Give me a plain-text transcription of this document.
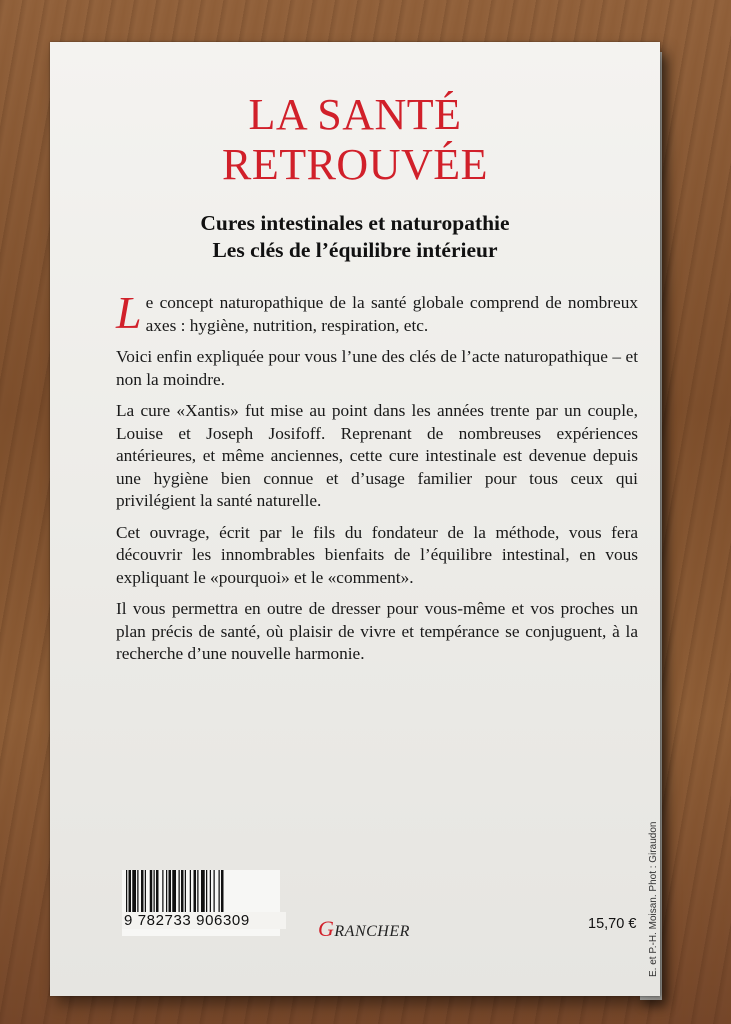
LA SANTÉ
RETROUVÉE
Cures intestinales et naturopathie
Les clés de l’équilibre intérieur

Le concept naturopathique de la santé globale comprend de nombreux axes : hygiène, nutrition, respiration, etc.

Voici enfin expliquée pour vous l’une des clés de l’acte naturopathique – et non la moindre.

La cure «Xantis» fut mise au point dans les années trente par un couple, Louise et Joseph Josifoff. Reprenant de nombreuses expériences antérieures, et même anciennes, cette cure intestinale est devenue depuis une hygiène bien connue et d’usage familier pour tous ceux qui privilégient la santé naturelle.

Cet ouvrage, écrit par le fils du fondateur de la méthode, vous fera découvrir les innombrables bienfaits de l’équilibre intestinal, en vous expliquant le «pourquoi» et le «comment».

Il vous permettra en outre de dresser pour vous-même et vos proches un plan précis de santé, où plaisir de vivre et tempérance se conjuguent, à la recherche d’une nouvelle harmonie.

9 782733 906309	GRANCHER	15,70 € E. et P.-H. Moisan. Phot : Giraudon
